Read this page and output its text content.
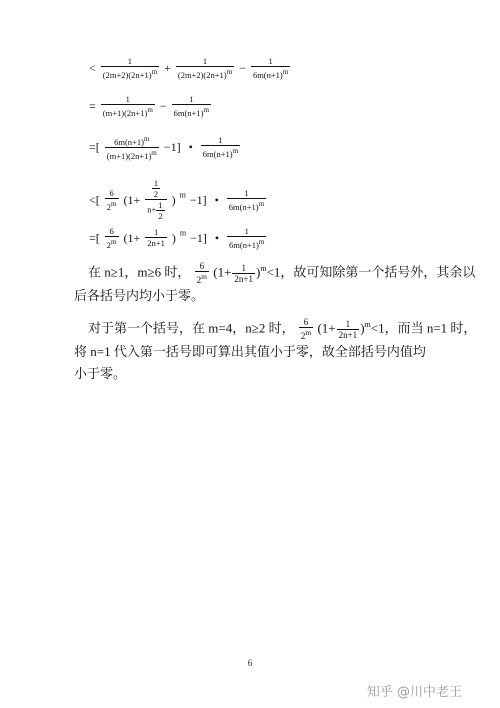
< $\frac{1}{(2m+2)(2n+1)^m} + \frac{1}{(2m+2)(2n+1)^m} - \frac{1}{6m(n+1)^m}$
= $\frac{1}{(m+1)(2n+1)^m} - \frac{1}{6m(n+1)^m}$
=[ $\frac{6m(n+1)^m}{(m+1)(2n+1)^m} -1$] • $\frac{1}{6m(n+1)^m}$
<[ $\frac{6}{2^m} (1+ \frac{\frac{1}{2}}{n+ \frac{1}{2}}$ ) $^m$ −1] • $\frac{1}{6m(n+1)^m}$
=[ $\frac{6}{2^m} (1+ \frac{1}{2n+1}$ ) $^m$ −1] • $\frac{1}{6m(n+1)^m}$
在 n≥1，m≥6 时， $\frac{6}{2^m} (1+ \frac{1}{2n+1} )^m<1$，故可知除第一个括号外，其余以
后各括号内均小于零。
对于第一个括号，在 m=4，n≥2 时， $\frac{6}{2^m} (1+ \frac{1}{2n+1} )^m<1$，而当 n=1 时，
将 n=1 代入第一括号即可算出其值小于零，故全部括号内值均小于零。
6
知乎 @川中老王
